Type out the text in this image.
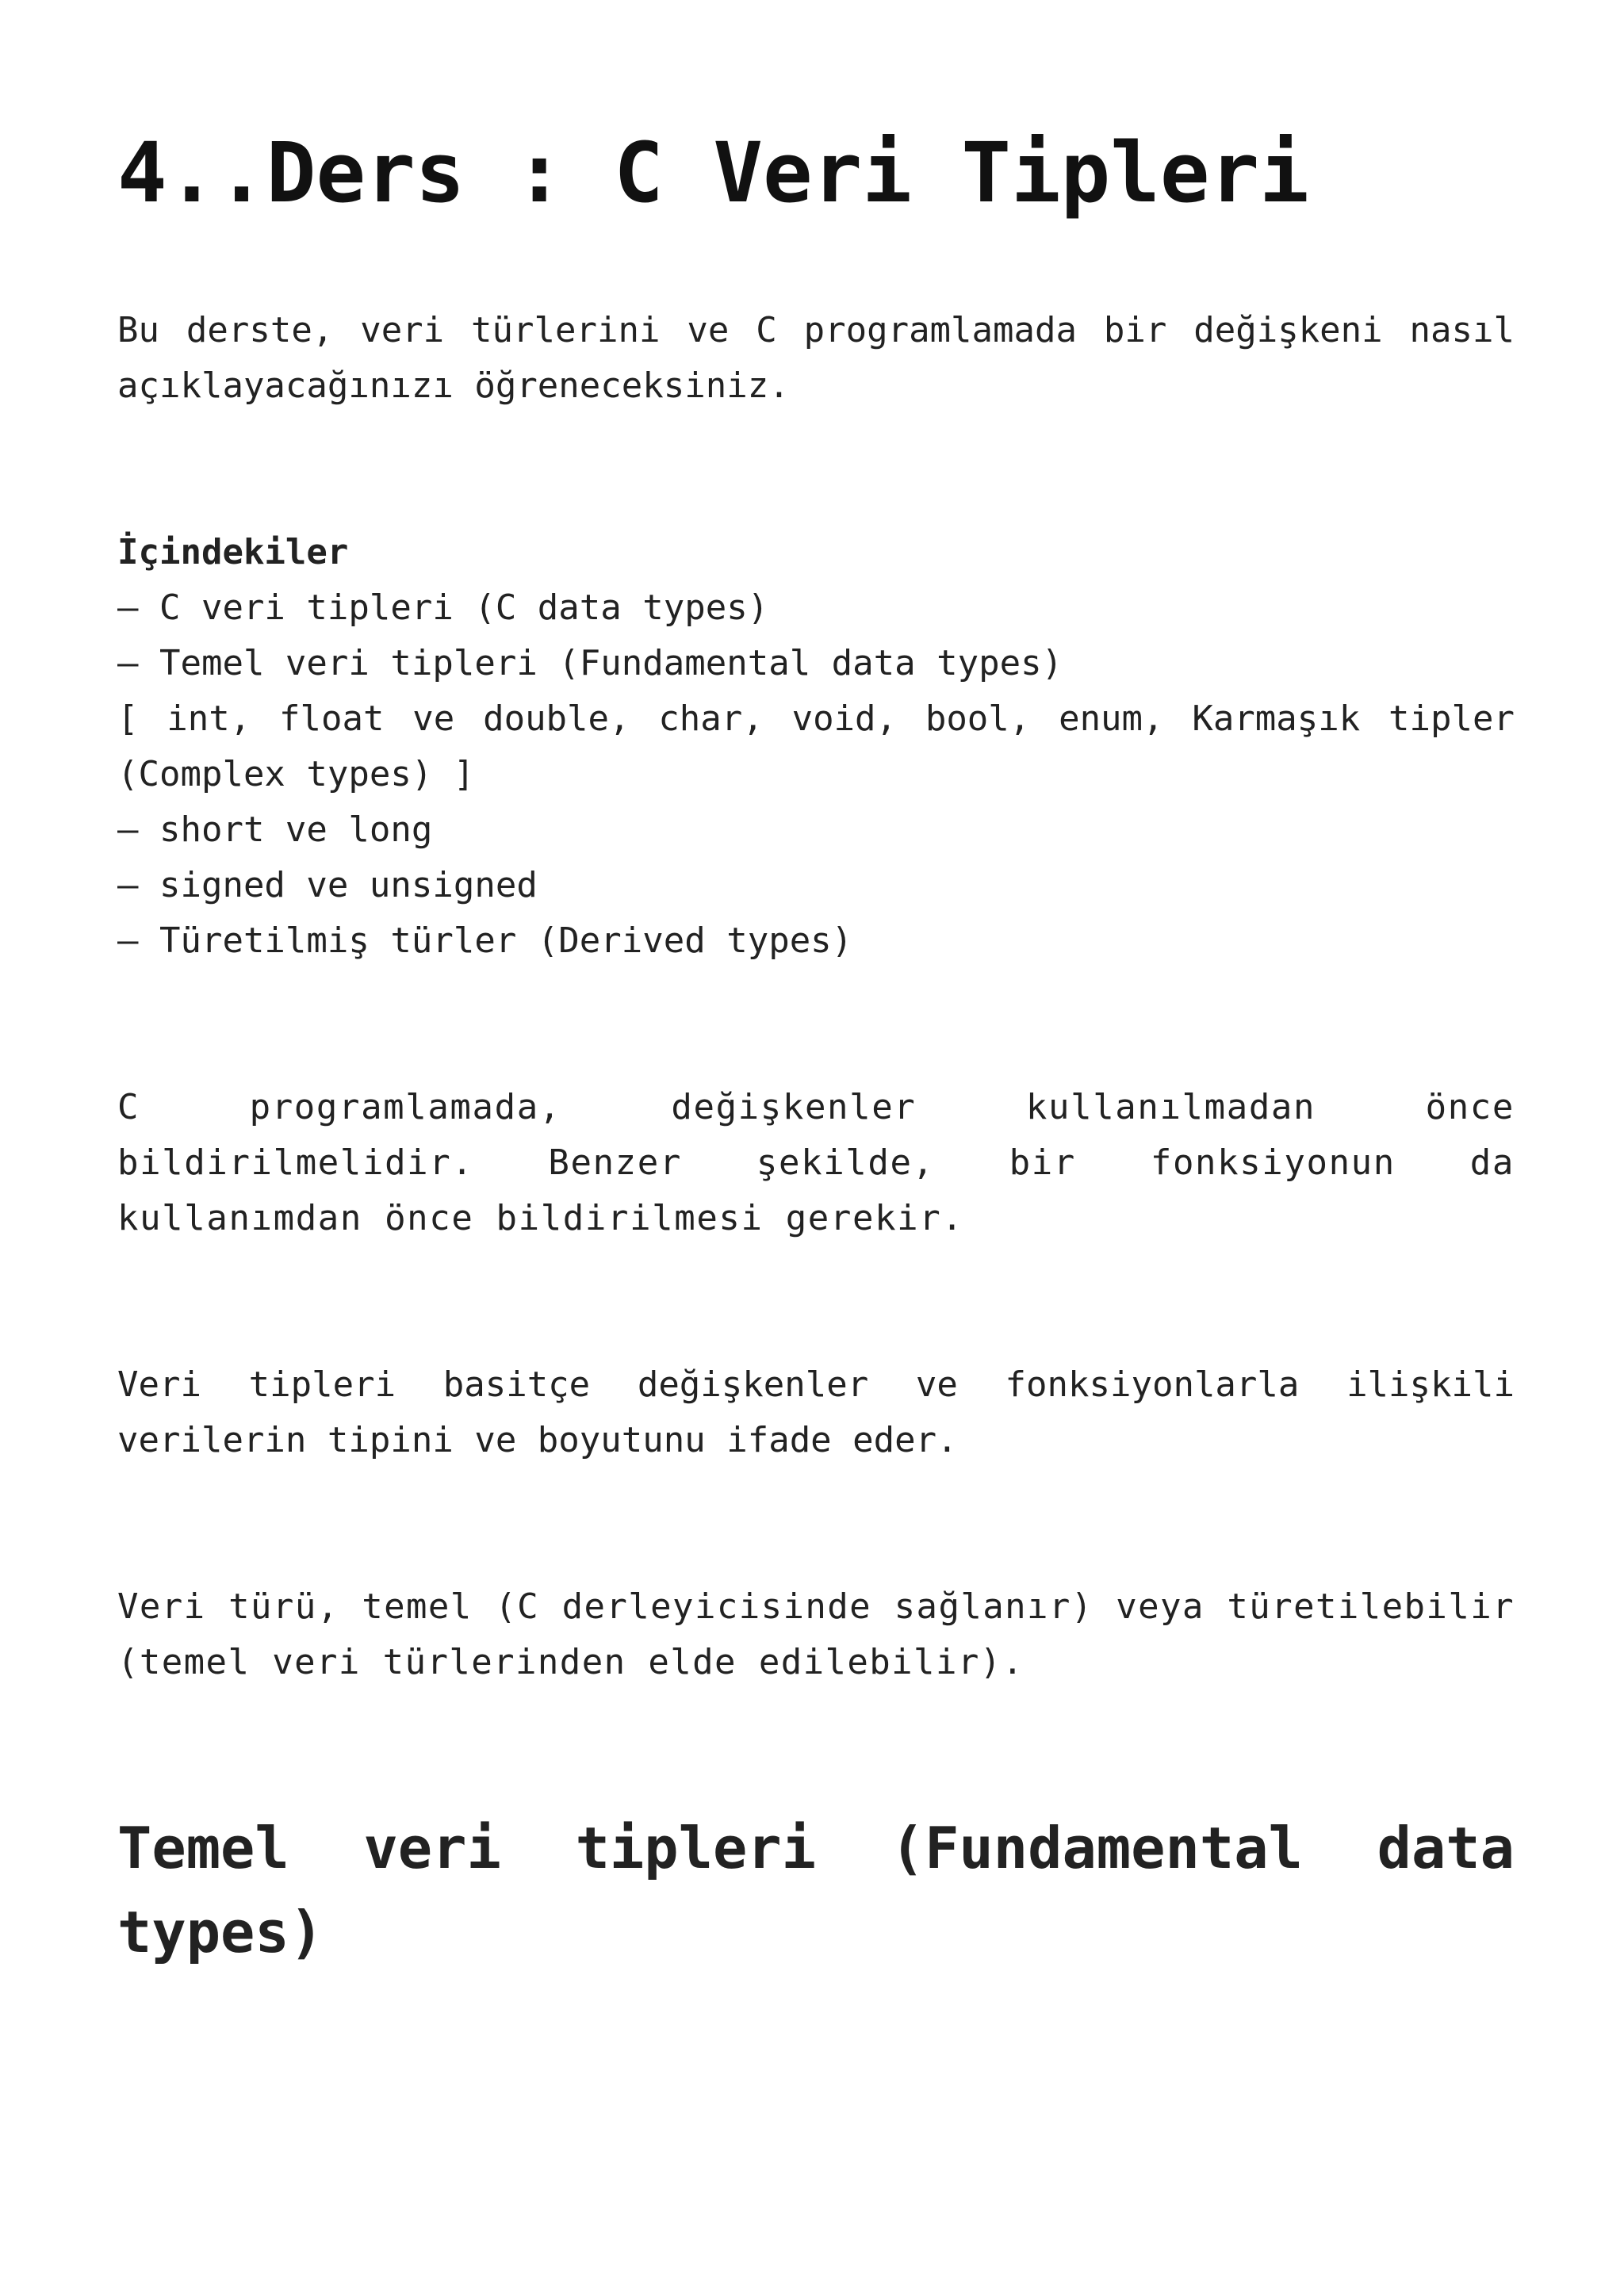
4..Ders : C Veri Tipleri

Bu derste, veri türlerini ve C programlamada bir değişkeni nasıl açıklayacağınızı öğreneceksiniz.

İçindekiler
– C veri tipleri (C data types)
– Temel veri tipleri (Fundamental data types)
[ int, float ve double, char, void, bool, enum, Karmaşık tipler (Complex types) ]
– short ve long
– signed ve unsigned
– Türetilmiş türler (Derived types)

C programlamada, değişkenler kullanılmadan önce bildirilmelidir. Benzer şekilde, bir fonksiyonun da kullanımdan önce bildirilmesi gerekir.

Veri tipleri basitçe değişkenler ve fonksiyonlarla ilişkili verilerin tipini ve boyutunu ifade eder.

Veri türü, temel (C derleyicisinde sağlanır) veya türetilebilir (temel veri türlerinden elde edilebilir).

Temel veri tipleri (Fundamental data types)
